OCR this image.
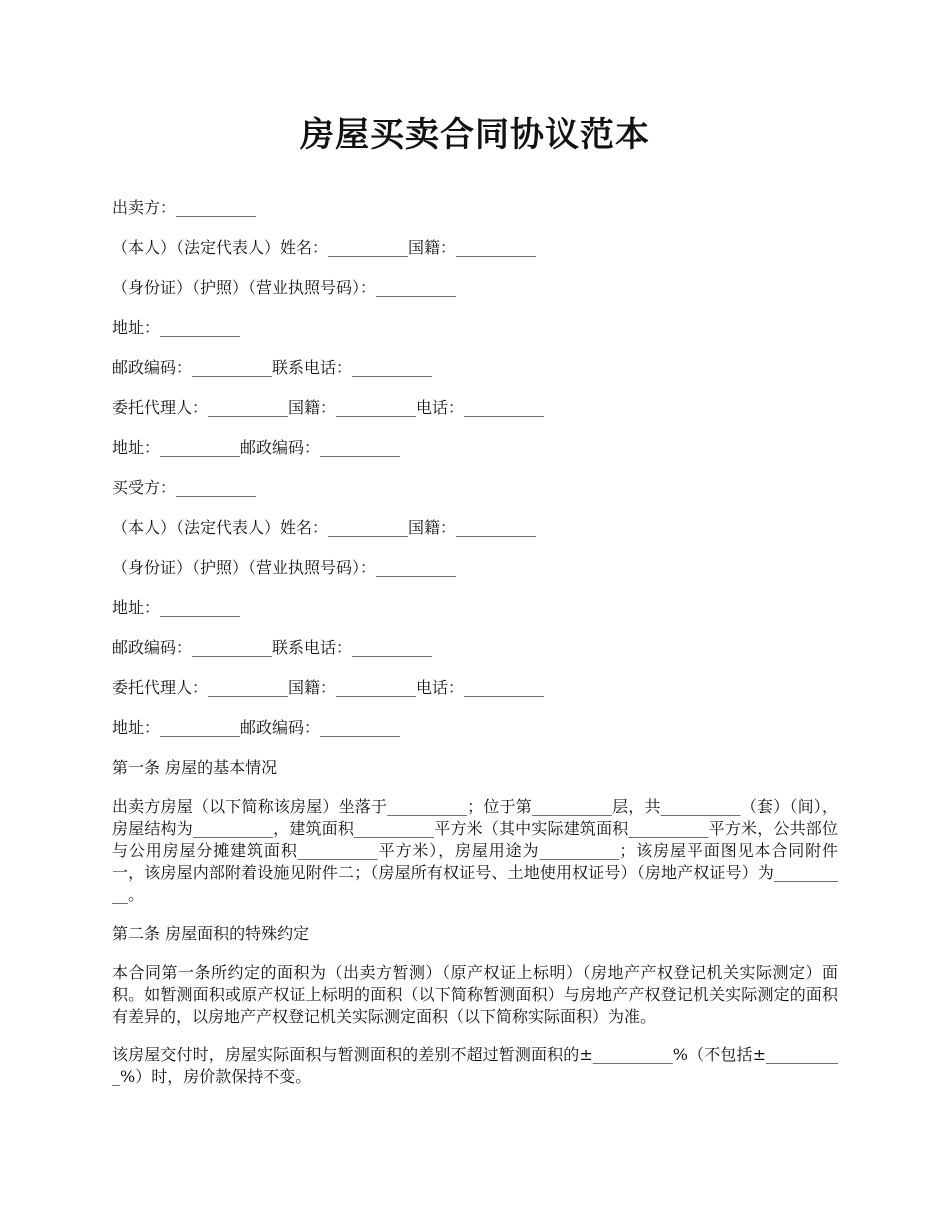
房屋买卖合同协议范本
出卖方：__________
（本人）（法定代表人）姓名：__________国籍：__________
（身份证）（护照）（营业执照号码）：__________
地址：__________
邮政编码：__________联系电话：__________
委托代理人：__________国籍：__________电话：__________
地址：__________邮政编码：__________
买受方：__________
（本人）（法定代表人）姓名：__________国籍：__________
（身份证）（护照）（营业执照号码）：__________
地址：__________
邮政编码：__________联系电话：__________
委托代理人：__________国籍：__________电话：__________
地址：__________邮政编码：__________
第一条 房屋的基本情况
出卖方房屋（以下简称该房屋）坐落于__________；位于第__________层，共__________（套）（间），房屋结构为__________，建筑面积__________平方米（其中实际建筑面积__________平方米，公共部位与公用房屋分摊建筑面积__________平方米），房屋用途为__________；该房屋平面图见本合同附件一，该房屋内部附着设施见附件二；（房屋所有权证号、土地使用权证号）（房地产权证号）为__________。
第二条 房屋面积的特殊约定
本合同第一条所约定的面积为（出卖方暂测）（原产权证上标明）（房地产产权登记机关实际测定）面积。如暂测面积或原产权证上标明的面积（以下简称暂测面积）与房地产产权登记机关实际测定的面积有差异的，以房地产产权登记机关实际测定面积（以下简称实际面积）为准。
该房屋交付时，房屋实际面积与暂测面积的差别不超过暂测面积的±__________%（不包括±__________%）时，房价款保持不变。
